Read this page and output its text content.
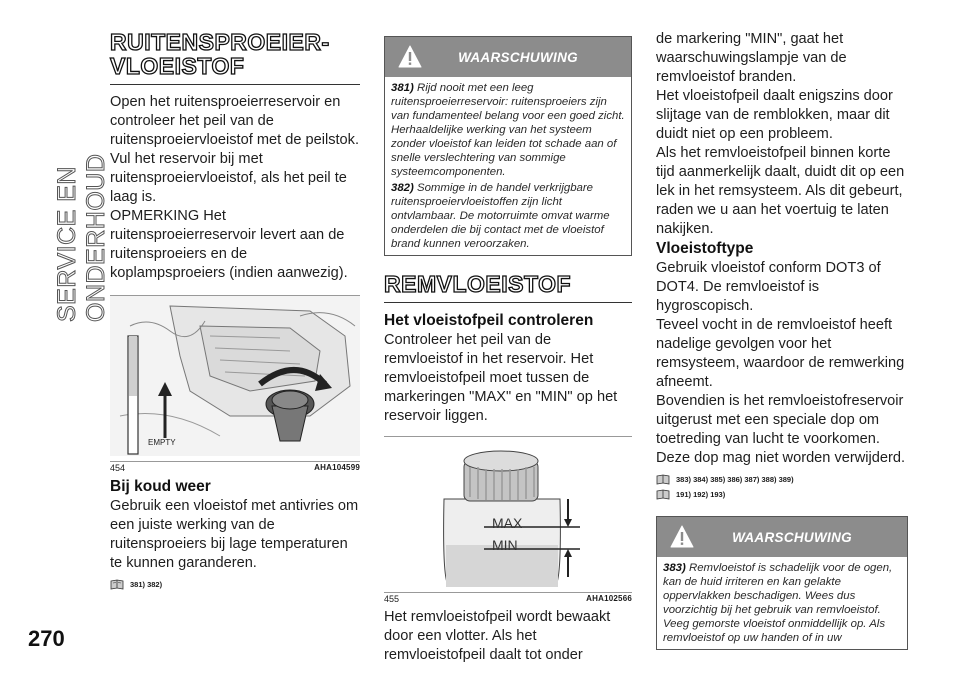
SERVICE EN ONDERHOUD
270
RUITENSPROEIER-
VLOEISTOF

Open het ruitensproeierreservoir en controleer het peil van de ruitensproeiervloeistof met de peilstok. Vul het reservoir bij met ruitensproeiervloeistof, als het peil te laag is.

OPMERKING Het ruitensproeierreservoir levert aan de ruitensproeiers en de koplampsproeiers (indien aanwezig).

EMPTY
454	AHA104599
Bij koud weer

Gebruik een vloeistof met antivries om een juiste werking van de ruitensproeiers bij lage temperaturen te kunnen garanderen.

381) 382)
WAARSCHUWING
381) Rijd nooit met een leeg ruitensproeierreservoir: ruitensproeiers zijn van fundamenteel belang voor een goed zicht. Herhaaldelijke werking van het systeem zonder vloeistof kan leiden tot schade aan of snelle verslechtering van sommige systeemcomponenten.
382) Sommige in de handel verkrijgbare ruitensproeiervloeistoffen zijn licht ontvlambaar. De motorruimte omvat warme onderdelen die bij contact met de vloeistof brand kunnen veroorzaken.
REMVLOEISTOF
Het vloeistofpeil controleren

Controleer het peil van de remvloeistof in het reservoir. Het remvloeistofpeil moet tussen de markeringen "MAX" en "MIN" op het reservoir liggen.

MAX
MIN
455	AHA102566

Het remvloeistofpeil wordt bewaakt door een vlotter. Als het remvloeistofpeil daalt tot onder

de markering "MIN", gaat het waarschuwingslampje van de remvloeistof branden.

Het vloeistofpeil daalt enigszins door slijtage van de remblokken, maar dit duidt niet op een probleem.

Als het remvloeistofpeil binnen korte tijd aanmerkelijk daalt, duidt dit op een lek in het remsysteem. Als dit gebeurt, raden we u aan het voertuig te laten nakijken.

Vloeistoftype

Gebruik vloeistof conform DOT3 of DOT4. De remvloeistof is hygroscopisch.

Teveel vocht in de remvloeistof heeft nadelige gevolgen voor het remsysteem, waardoor de remwerking afneemt.

Bovendien is het remvloeistofreservoir uitgerust met een speciale dop om toetreding van lucht te voorkomen. Deze dop mag niet worden verwijderd.

383) 384) 385) 386) 387) 388) 389)
191) 192) 193)
WAARSCHUWING
383) Remvloeistof is schadelijk voor de ogen, kan de huid irriteren en kan gelakte oppervlakken beschadigen. Wees dus voorzichtig bij het gebruik van remvloeistof. Veeg gemorste vloeistof onmiddellijk op. Als remvloeistof op uw handen of in uw
